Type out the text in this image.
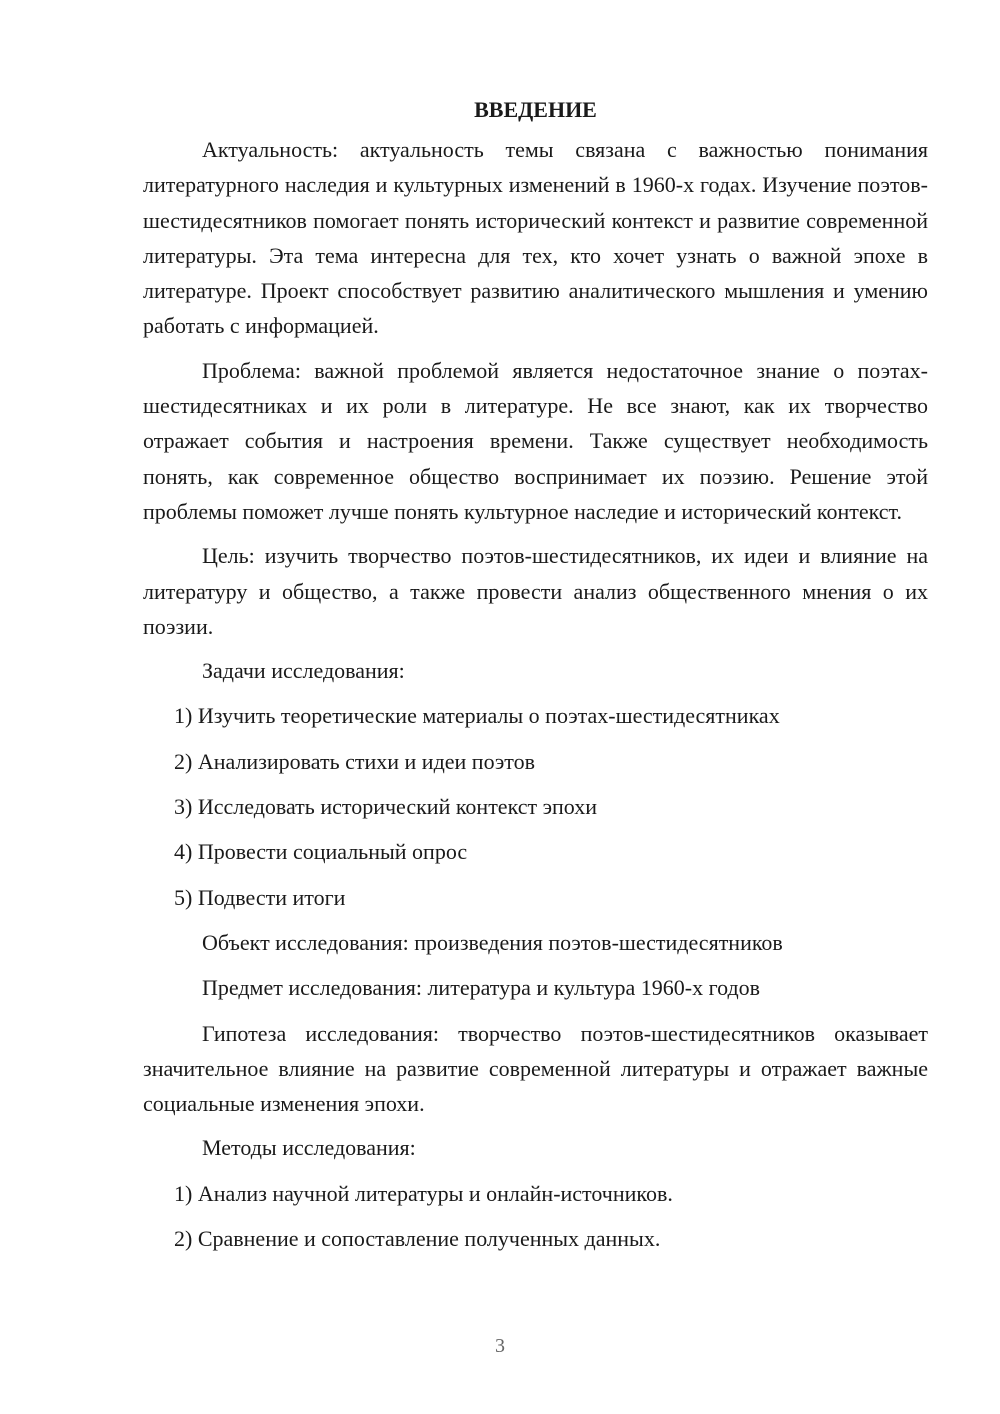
ВВЕДЕНИЕ

Актуальность: актуальность темы связана с важностью понимания литературного наследия и культурных изменений в 1960-х годах. Изучение поэтов-шестидесятников помогает понять исторический контекст и развитие современной литературы. Эта тема интересна для тех, кто хочет узнать о важной эпохе в литературе. Проект способствует развитию аналитического мышления и умению работать с информацией.

Проблема: важной проблемой является недостаточное знание о поэтах-шестидесятниках и их роли в литературе. Не все знают, как их творчество отражает события и настроения времени. Также существует необходимость понять, как современное общество воспринимает их поэзию. Решение этой проблемы поможет лучше понять культурное наследие и исторический контекст.

Цель: изучить творчество поэтов-шестидесятников, их идеи и влияние на литературу и общество, а также провести анализ общественного мнения о их поэзии.

Задачи исследования:
1) Изучить теоретические материалы о поэтах-шестидесятниках
2) Анализировать стихи и идеи поэтов
3) Исследовать исторический контекст эпохи
4) Провести социальный опрос
5) Подвести итоги
Объект исследования: произведения поэтов-шестидесятников
Предмет исследования: литература и культура 1960-х годов

Гипотеза исследования: творчество поэтов-шестидесятников оказывает значительное влияние на развитие современной литературы и отражает важные социальные изменения эпохи.

Методы исследования:
1) Анализ научной литературы и онлайн-источников.
2) Сравнение и сопоставление полученных данных.
3
